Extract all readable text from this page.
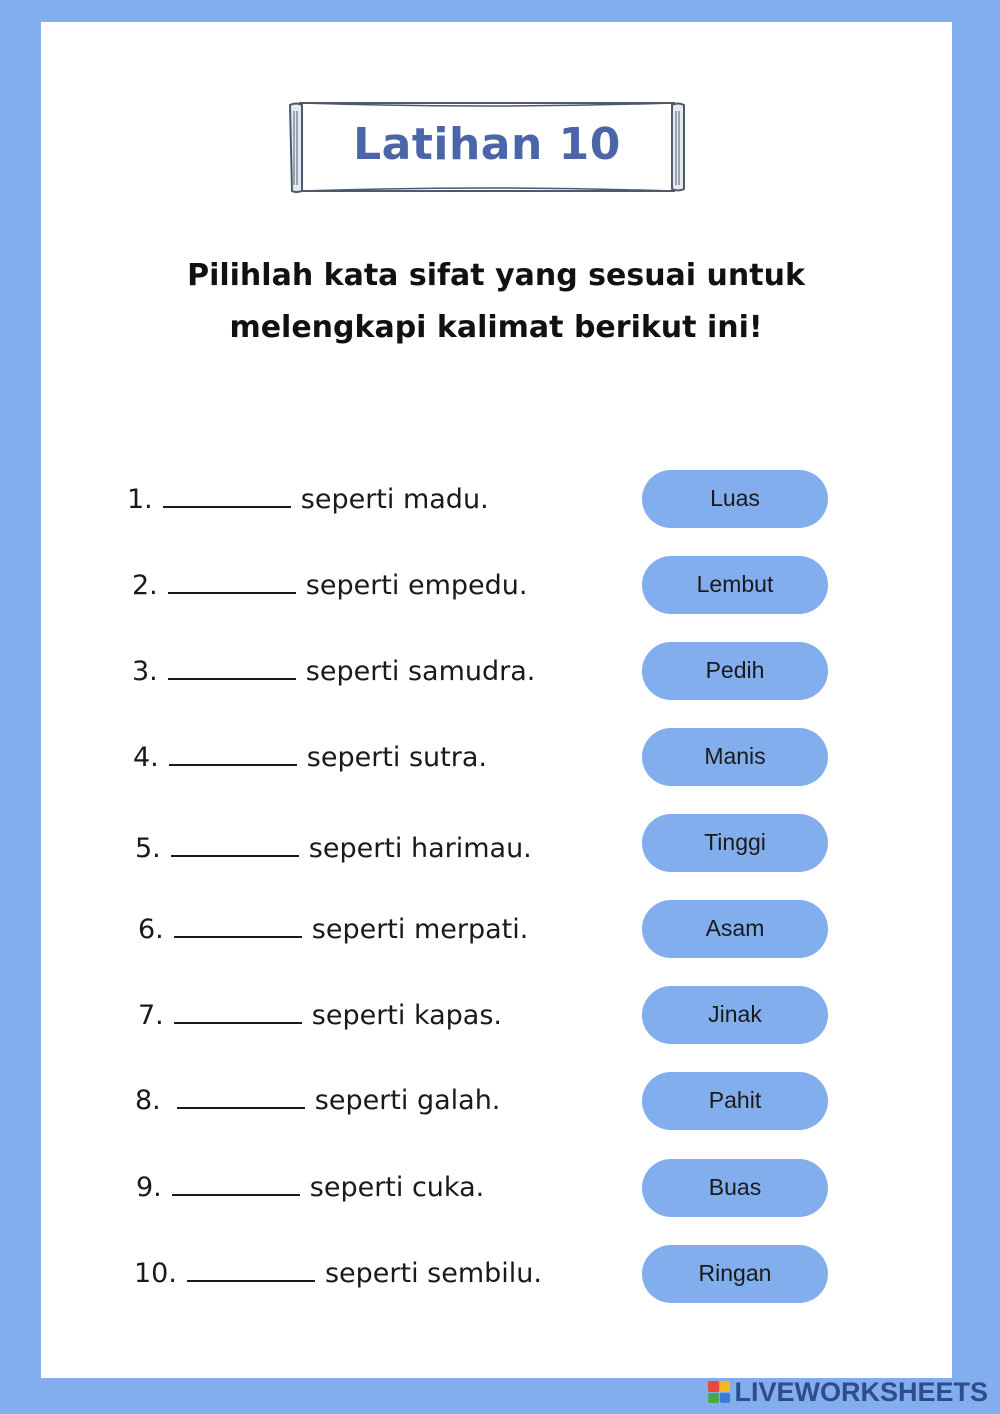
Latihan 10
Pilihlah kata sifat yang sesuai untuk
melengkapi kalimat berikut ini!
1.	seperti madu.
2.	seperti empedu.
3.	seperti samudra.
4.	seperti sutra.
5.	seperti harimau.
6.	seperti merpati.
7.	seperti kapas.
8.	seperti galah.
9.	seperti cuka.
10.	seperti sembilu.
Luas
Lembut
Pedih
Manis
Tinggi
Asam
Jinak
Pahit
Buas
Ringan
LIVEWORKSHEETS
